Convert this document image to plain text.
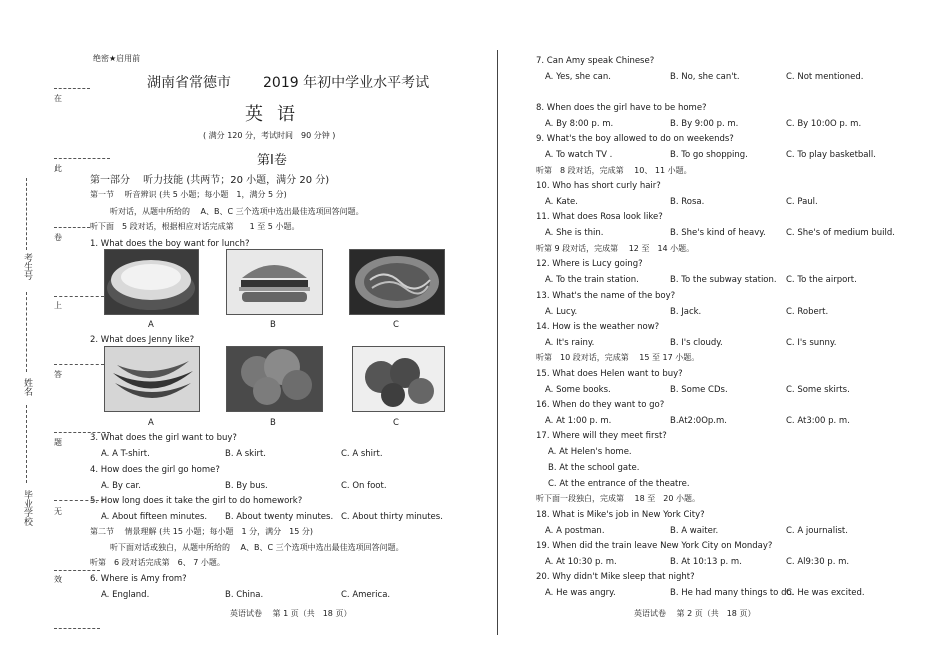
在
此
卷
上
答
题
无
效
考生号
姓名
毕业学校
绝密★启用前
湖南省常德市 2019 年初中学业水平考试
英语
( 满分 120 分，考试时间　90 分钟 )
第Ⅰ卷
第一部分　 听力技能 (共两节；20 小题，满分 20 分)
第一节　 听音辨识 (共 5 小题；每小题　1，满分 5 分)
听对话，从题中所给的　 A、B、C 三个选项中选出最佳选项回答问题。
听下面　5 段对话，根据相应对话完成第　　1 至 5 小题。
1. What does the boy want for lunch?
A	B	C
2. What does Jenny like?
A	B	C
3. What does the girl want to buy?
A. A T-shirt.	B. A skirt.	C. A shirt.
4. How does the girl go home?
A. By car.	B. By bus.	C. On foot.
5. How long does it take the girl to do homework?
A. About fifteen minutes. B. About twenty minutes. C. About thirty minutes.
第二节　 情景理解 (共 15 小题；每小题　1 分，满分　15 分)
听下面对话或独白，从题中所给的　 A、B、C 三个选项中选出最佳选项回答问题。
听第　6 段对话完成第　6、 7 小题。
6. Where is Amy from?
A. England.	B. China.	C. America.
英语试卷　 第 1 页（共　18 页）
7. Can Amy speak Chinese?
A. Yes, she can.	B. No, she can't.	C. Not mentioned.
8. When does the girl have to be home?
A. By 8:00 p. m.	B. By 9:00 p. m.	C. By 10:0O p. m.
9. What's the boy allowed to do on weekends?
A. To watch TV .	B. To go shopping.	C. To play basketball.
听第　8 段对话，完成第　 10、 11 小题。
10. Who has short curly hair?
A. Kate.	B. Rosa.	C. Paul.
11. What does Rosa look like?
A. She is thin.	B. She's kind of heavy. C. She's of medium build.
听第 9 段对话，完成第　 12 至　14 小题。
12. Where is Lucy going?
A. To the train station.	B. To the subway station. C. To the airport.
13. What's the name of the boy?
A. Lucy.	B. Jack.	C. Robert.
14. How is the weather now?
A. It's rainy.	B. I's cloudy.	C. I's sunny.
听第　10 段对话，完成第　 15 至 17 小题。
15. What does Helen want to buy?
A. Some books.	B. Some CDs.	C. Some skirts.
16. When do they want to go?
A. At 1:00 p. m.	B.At2:0Op.m.	C. At3:00 p. m.
17. Where will they meet first?
A. At Helen's home.
B. At the school gate.
C. At the entrance of the theatre.
听下面一段独白，完成第　 18 至　20 小题。
18. What is Mike's job in New York City?
A. A postman.	B. A waiter.	C. A journalist.
19. When did the train leave New York City on Monday?
A. At 10:30 p. m.	B. At 10:13 p. m.	C. Al9:30 p. m.
20. Why didn't Mike sleep that night?
A. He was angry.	B. He had many things to do.
C. He was excited.
英语试卷　 第 2 页（共　18 页）
